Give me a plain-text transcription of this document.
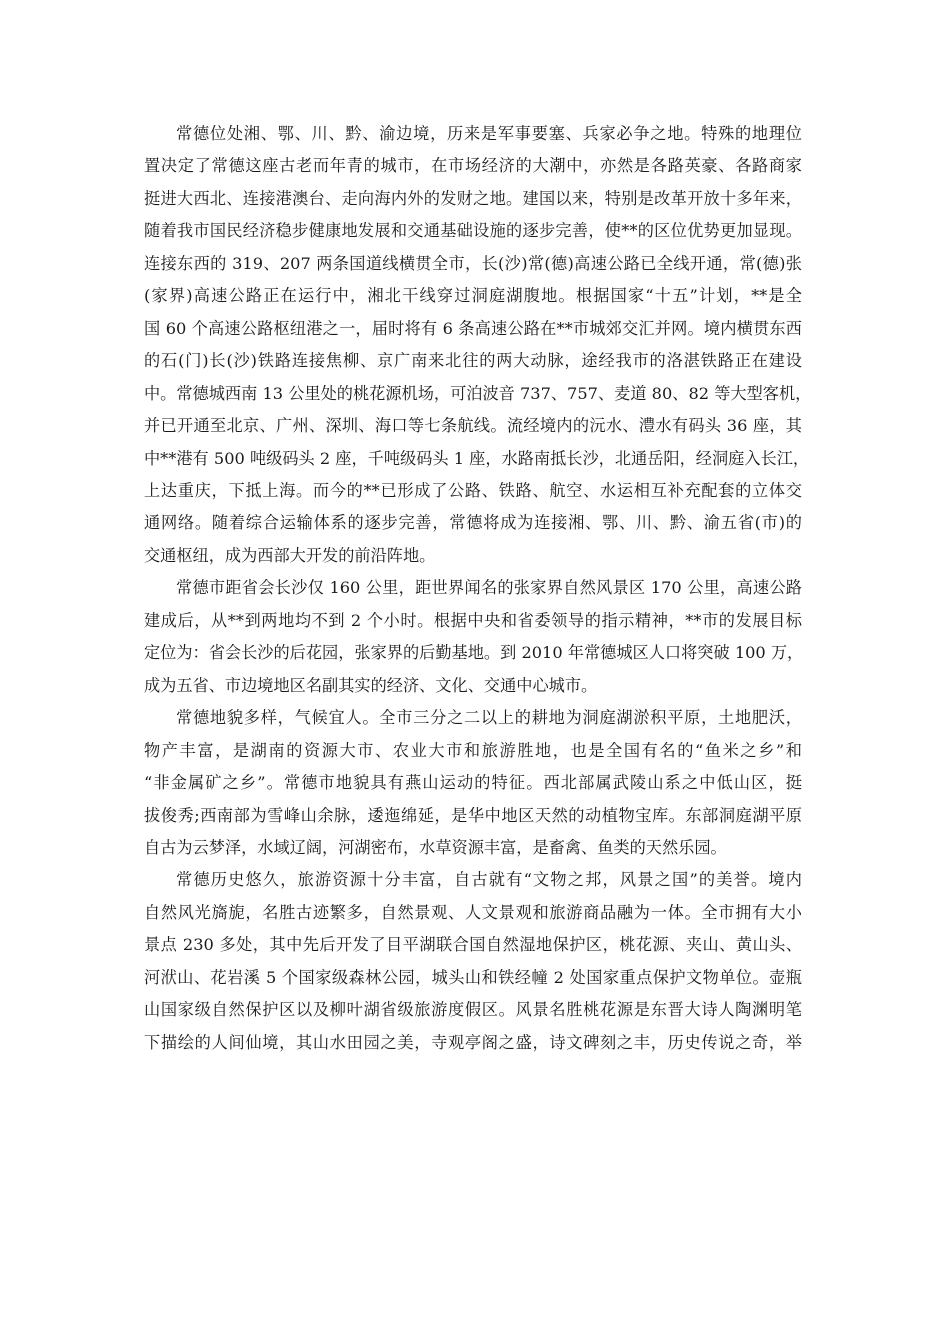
常德位处湘、鄂、川、黔、渝边境，历来是军事要塞、兵家必争之地。特殊的地理位
置决定了常德这座古老而年青的城市，在市场经济的大潮中，亦然是各路英豪、各路商家
挺进大西北、连接港澳台、走向海内外的发财之地。建国以来，特别是改革开放十多年来，
随着我市国民经济稳步健康地发展和交通基础设施的逐步完善，使**的区位优势更加显现。
连接东西的 319、207 两条国道线横贯全市，长(沙)常(德)高速公路已全线开通，常(德)张
(家界)高速公路正在运行中，湘北干线穿过洞庭湖腹地。根据国家“十五”计划，**是全
国 60 个高速公路枢纽港之一，届时将有 6 条高速公路在**市城郊交汇并网。境内横贯东西
的石(门)长(沙)铁路连接焦柳、京广南来北往的两大动脉，途经我市的洛湛铁路正在建设
中。常德城西南 13 公里处的桃花源机场，可泊波音 737、757、麦道 80、82 等大型客机，
并已开通至北京、广州、深圳、海口等七条航线。流经境内的沅水、澧水有码头 36 座，其
中**港有 500 吨级码头 2 座，千吨级码头 1 座，水路南抵长沙，北通岳阳，经洞庭入长江，
上达重庆，下抵上海。而今的**已形成了公路、铁路、航空、水运相互补充配套的立体交
通网络。随着综合运输体系的逐步完善，常德将成为连接湘、鄂、川、黔、渝五省(市)的
交通枢纽，成为西部大开发的前沿阵地。
常德市距省会长沙仅 160 公里，距世界闻名的张家界自然风景区 170 公里，高速公路
建成后，从**到两地均不到 2 个小时。根据中央和省委领导的指示精神，**市的发展目标
定位为：省会长沙的后花园，张家界的后勤基地。到 2010 年常德城区人口将突破 100 万，
成为五省、市边境地区名副其实的经济、文化、交通中心城市。
常德地貌多样，气候宜人。全市三分之二以上的耕地为洞庭湖淤积平原，土地肥沃，
物产丰富，是湖南的资源大市、农业大市和旅游胜地，也是全国有名的“鱼米之乡”和
“非金属矿之乡”。常德市地貌具有燕山运动的特征。西北部属武陵山系之中低山区，挺
拔俊秀;西南部为雪峰山余脉，逶迤绵延，是华中地区天然的动植物宝库。东部洞庭湖平原
自古为云梦泽，水域辽阔，河湖密布，水草资源丰富，是畜禽、鱼类的天然乐园。
常德历史悠久，旅游资源十分丰富，自古就有“文物之邦，风景之国”的美誉。境内
自然风光旖旎，名胜古迹繁多，自然景观、人文景观和旅游商品融为一体。全市拥有大小
景点 230 多处，其中先后开发了目平湖联合国自然湿地保护区，桃花源、夹山、黄山头、
河洑山、花岩溪 5 个国家级森林公园，城头山和铁经幢 2 处国家重点保护文物单位。壶瓶
山国家级自然保护区以及柳叶湖省级旅游度假区。风景名胜桃花源是东晋大诗人陶渊明笔
下描绘的人间仙境，其山水田园之美，寺观亭阁之盛，诗文碑刻之丰，历史传说之奇，举
